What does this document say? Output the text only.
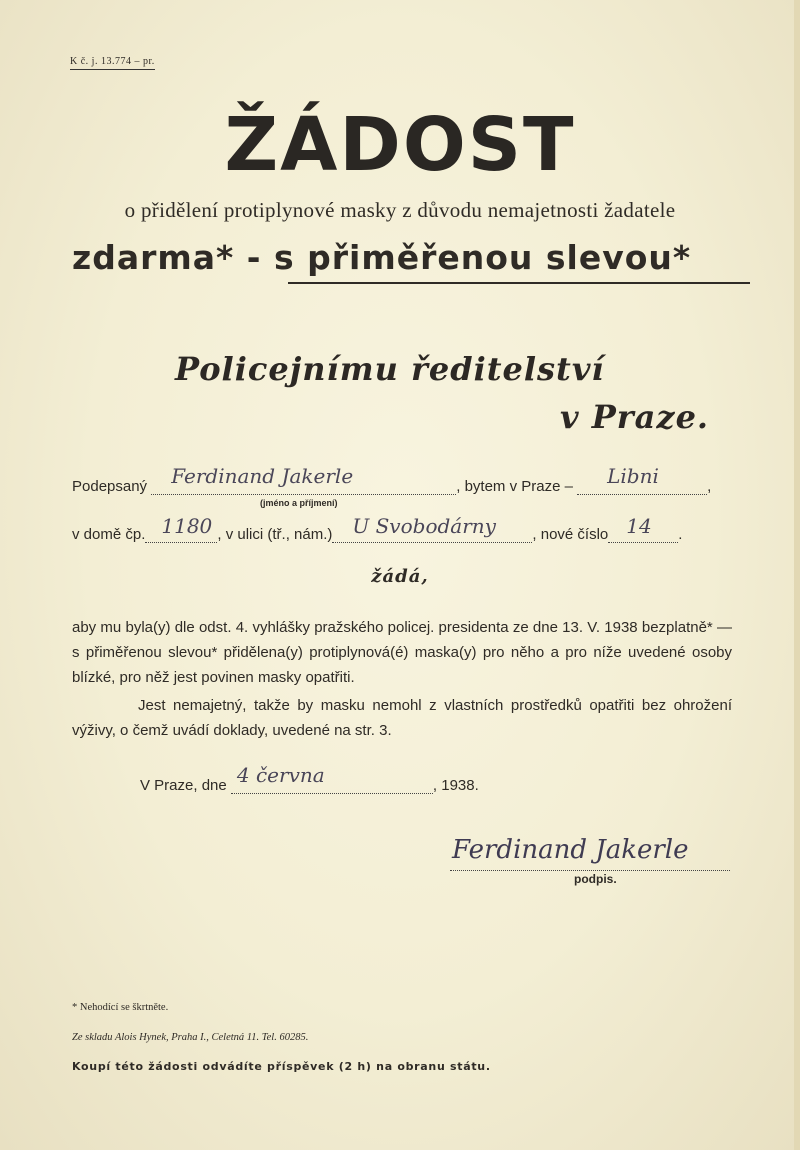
K č. j. 13.774 – pr.
ŽÁDOST
o přidělení protiplynové masky z důvodu nemajetnosti žadatele
zdarma* - s přiměřenou slevou*
Policejnímu ředitelství
v Praze.
Podepsaný Ferdinand Jakerle	, bytem v Praze – Libni	,
(jméno a příjmení)
v domě čp. 1180 , v ulici (tř., nám.) U Svobodárny , nové číslo 14 .
žádá,
aby mu byla(y) dle odst. 4. vyhlášky pražského policej. presidenta ze dne 13. V. 1938 bezplatně* — s přiměřenou slevou* přidělena(y) protiplynová(é) maska(y) pro něho a pro níže uvedené osoby blízké, pro něž jest povinen masky opatřiti.
Jest nemajetný, takže by masku nemohl z vlastních prostředků opatřiti bez ohrožení výživy, o čemž uvádí doklady, uvedené na str. 3.
V Praze, dne 4 června	, 1938.
Ferdinand Jakerle
podpis.
* Nehodící se škrtněte.
Ze skladu Alois Hynek, Praha I., Celetná 11. Tel. 60285.
Koupí této žádosti odvádíte příspěvek (2 h) na obranu státu.
